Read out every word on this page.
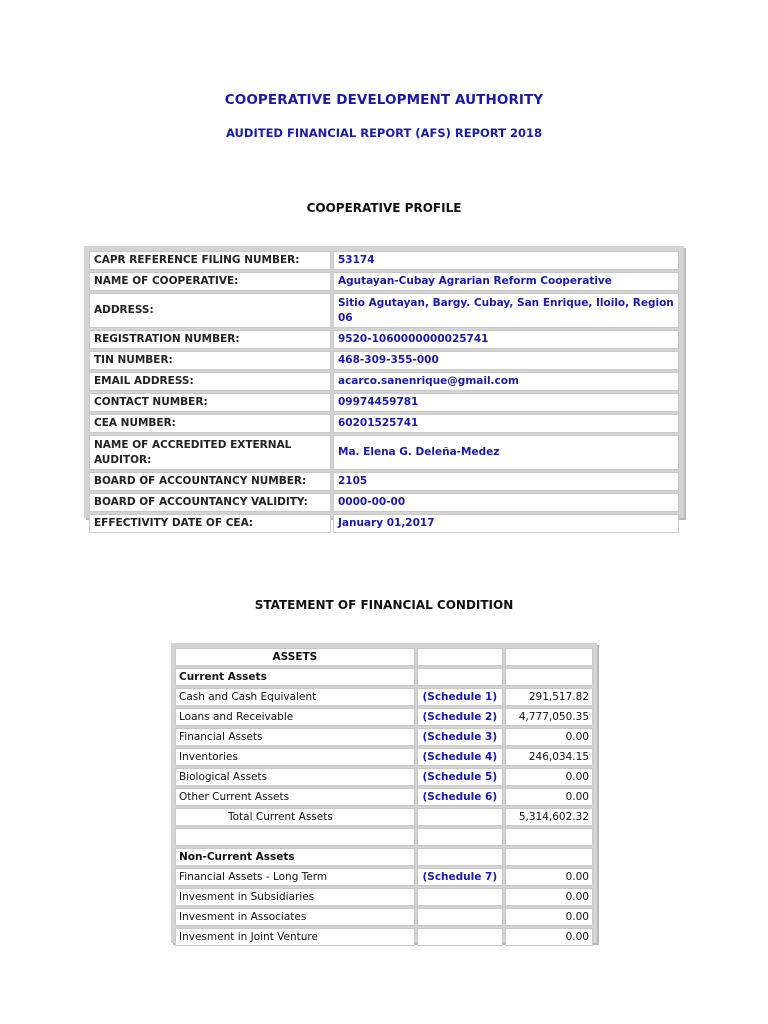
COOPERATIVE DEVELOPMENT AUTHORITY
AUDITED FINANCIAL REPORT (AFS) REPORT 2018
COOPERATIVE PROFILE
CAPR REFERENCE FILING NUMBER:	53174
NAME OF COOPERATIVE:	Agutayan-Cubay Agrarian Reform Cooperative
ADDRESS:	Sitio Agutayan, Bargy. Cubay, San Enrique, Iloilo, Region 06
REGISTRATION NUMBER:	9520-1060000000025741
TIN NUMBER:	468-309-355-000
EMAIL ADDRESS:	acarco.sanenrique@gmail.com
CONTACT NUMBER:	09974459781
CEA NUMBER:	60201525741
NAME OF ACCREDITED EXTERNAL AUDITOR:	Ma. Elena G. Deleña-Medez
BOARD OF ACCOUNTANCY NUMBER:	2105
BOARD OF ACCOUNTANCY VALIDITY:	0000-00-00
EFFECTIVITY DATE OF CEA:	January 01,2017
STATEMENT OF FINANCIAL CONDITION
ASSETS		
Current Assets		
Cash and Cash Equivalent	(Schedule 1)	291,517.82
Loans and Receivable	(Schedule 2)	4,777,050.35
Financial Assets	(Schedule 3)	0.00
Inventories	(Schedule 4)	246,034.15
Biological Assets	(Schedule 5)	0.00
Other Current Assets	(Schedule 6)	0.00
Total Current Assets		5,314,602.32

Non-Current Assets		
Financial Assets - Long Term	(Schedule 7)	0.00
Invesment in Subsidiaries		0.00
Invesment in Associates		0.00
Invesment in Joint Venture		0.00
